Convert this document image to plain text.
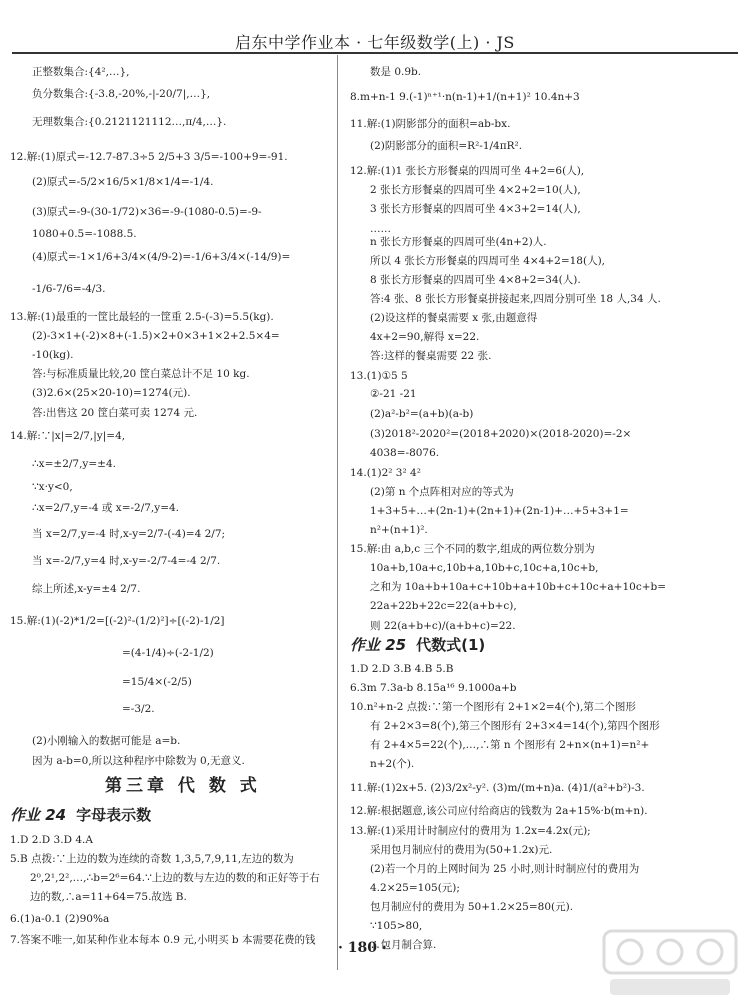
启东中学作业本 · 七年级数学(上) · JS
正整数集合:{4²,…},
负分数集合:{-3.8,-20%,-|-20/7|,…},
无理数集合:{0.2121121112…,π/4,…}.
12.解:(1)原式=-12.7-87.3÷5 2/5+3 3/5=-100+9=-91.
(2)原式=-5/2×16/5×1/8×1/4=-1/4.
(3)原式=-9-(30-1/72)×36=-9-(1080-0.5)=-9-
1080+0.5=-1088.5.
(4)原式=-1×1/6+3/4×(4/9-2)=-1/6+3/4×(-14/9)=
-1/6-7/6=-4/3.
13.解:(1)最重的一筐比最轻的一筐重 2.5-(-3)=5.5(kg).
(2)-3×1+(-2)×8+(-1.5)×2+0×3+1×2+2.5×4=
-10(kg).
答:与标准质量比较,20 筐白菜总计不足 10 kg.
(3)2.6×(25×20-10)=1274(元).
答:出售这 20 筐白菜可卖 1274 元.
14.解:∵|x|=2/7,|y|=4,
∴x=±2/7,y=±4.
∵x·y<0,
∴x=2/7,y=-4 或 x=-2/7,y=4.
当 x=2/7,y=-4 时,x-y=2/7-(-4)=4 2/7;
当 x=-2/7,y=4 时,x-y=-2/7-4=-4 2/7.
综上所述,x-y=±4 2/7.
15.解:(1)(-2)*1/2=[(-2)²-(1/2)²]÷[(-2)-1/2]
=(4-1/4)÷(-2-1/2)
=15/4×(-2/5)
=-3/2.
(2)小刚输入的数据可能是 a=b.
因为 a-b=0,所以这种程序中除数为 0,无意义.
第三章 代 数 式
作业 24 字母表示数
1.D 2.D 3.D 4.A
5.B 点拨:∵上边的数为连续的奇数 1,3,5,7,9,11,左边的数为
2⁰,2¹,2²,…,∴b=2⁶=64.∵上边的数与左边的数的和正好等于右
边的数,∴a=11+64=75.故选 B.
6.(1)a-0.1 (2)90%a
7.答案不唯一,如某种作业本每本 0.9 元,小明买 b 本需要花费的钱
数是 0.9b.
8.m+n-1 9.(-1)ⁿ⁺¹·n(n-1)+1/(n+1)² 10.4n+3
11.解:(1)阴影部分的面积=ab-bx.
(2)阴影部分的面积=R²-1/4πR².
12.解:(1)1 张长方形餐桌的四周可坐 4+2=6(人),
2 张长方形餐桌的四周可坐 4×2+2=10(人),
3 张长方形餐桌的四周可坐 4×3+2=14(人),
……
n 张长方形餐桌的四周可坐(4n+2)人.
所以 4 张长方形餐桌的四周可坐 4×4+2=18(人),
8 张长方形餐桌的四周可坐 4×8+2=34(人).
答:4 张、8 张长方形餐桌拼接起来,四周分别可坐 18 人,34 人.
(2)设这样的餐桌需要 x 张,由题意得
4x+2=90,解得 x=22.
答:这样的餐桌需要 22 张.
13.(1)①5 5
②-21 -21
(2)a²-b²=(a+b)(a-b)
(3)2018²-2020²=(2018+2020)×(2018-2020)=-2×
4038=-8076.
14.(1)2² 3² 4²
(2)第 n 个点阵相对应的等式为
1+3+5+…+(2n-1)+(2n+1)+(2n-1)+…+5+3+1=
n²+(n+1)².
15.解:由 a,b,c 三个不同的数字,组成的两位数分别为
10a+b,10a+c,10b+a,10b+c,10c+a,10c+b,
之和为 10a+b+10a+c+10b+a+10b+c+10c+a+10c+b=
22a+22b+22c=22(a+b+c),
则 22(a+b+c)/(a+b+c)=22.
作业 25 代数式(1)
1.D 2.D 3.B 4.B 5.B
6.3m 7.3a-b 8.15a¹⁶ 9.1000a+b
10.n²+n-2 点拨:∵第一个图形有 2+1×2=4(个),第二个图形
有 2+2×3=8(个),第三个图形有 2+3×4=14(个),第四个图形
有 2+4×5=22(个),…,∴第 n 个图形有 2+n×(n+1)=n²+
n+2(个).
11.解:(1)2x+5. (2)3/2x²-y². (3)m/(m+n)a. (4)1/(a²+b²)-3.
12.解:根据题意,该公司应付给商店的钱数为 2a+15%·b(m+n).
13.解:(1)采用计时制应付的费用为 1.2x=4.2x(元);
采用包月制应付的费用为(50+1.2x)元.
(2)若一个月的上网时间为 25 小时,则计时制应付的费用为
4.2×25=105(元);
包月制应付的费用为 50+1.2×25=80(元).
∵105>80,
∴包月制合算.
· 180 ·
